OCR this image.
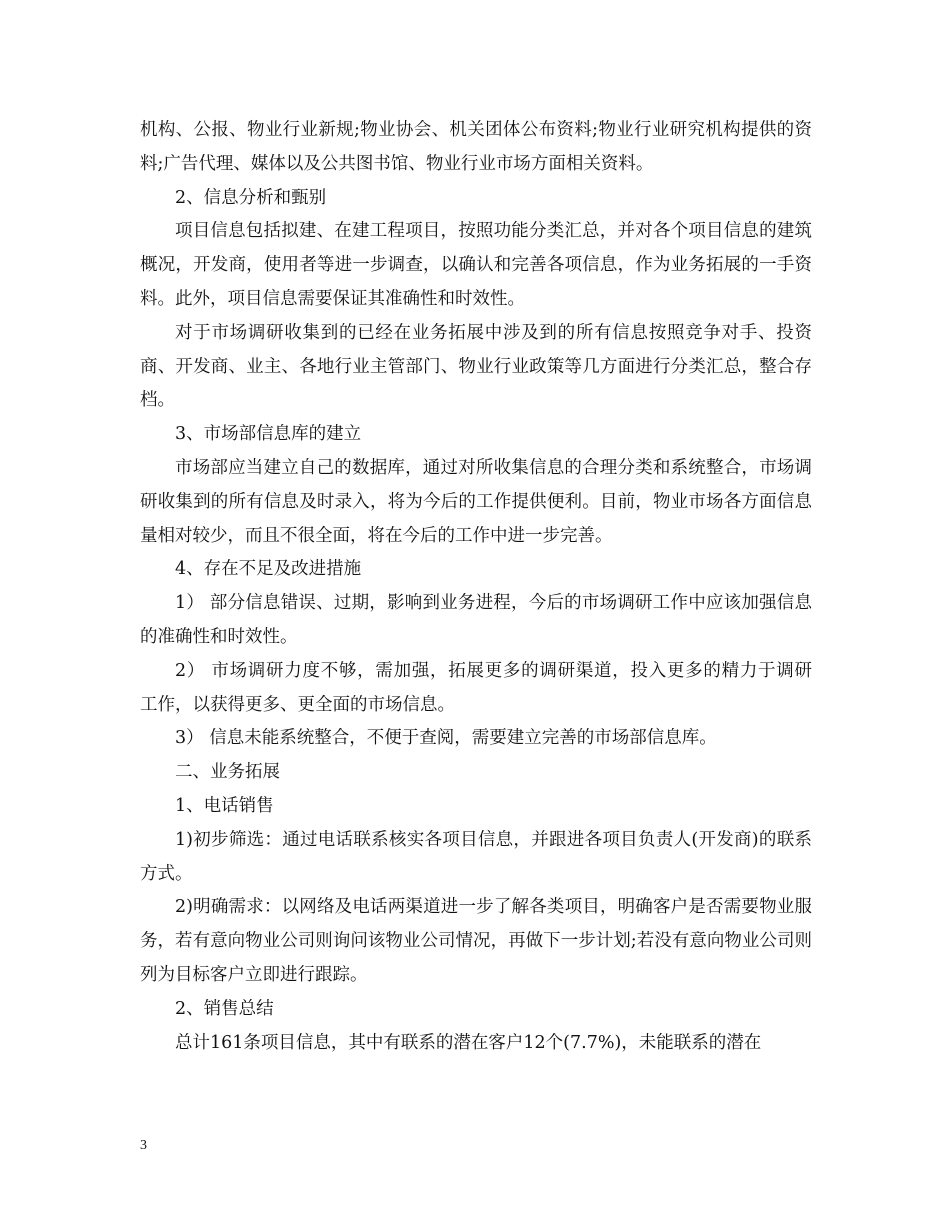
机构、公报、物业行业新规;物业协会、机关团体公布资料;物业行业研究机构提供的资料;广告代理、媒体以及公共图书馆、物业行业市场方面相关资料。

2、信息分析和甄别

项目信息包括拟建、在建工程项目，按照功能分类汇总，并对各个项目信息的建筑概况，开发商，使用者等进一步调查，以确认和完善各项信息，作为业务拓展的一手资料。此外，项目信息需要保证其准确性和时效性。

对于市场调研收集到的已经在业务拓展中涉及到的所有信息按照竞争对手、投资商、开发商、业主、各地行业主管部门、物业行业政策等几方面进行分类汇总，整合存档。

3、市场部信息库的建立

市场部应当建立自己的数据库，通过对所收集信息的合理分类和系统整合，市场调研收集到的所有信息及时录入，将为今后的工作提供便利。目前，物业市场各方面信息量相对较少，而且不很全面，将在今后的工作中进一步完善。

4、存在不足及改进措施

1） 部分信息错误、过期，影响到业务进程，今后的市场调研工作中应该加强信息的准确性和时效性。

2） 市场调研力度不够，需加强，拓展更多的调研渠道，投入更多的精力于调研  工作，以获得更多、更全面的市场信息。

3） 信息未能系统整合，不便于查阅，需要建立完善的市场部信息库。

二、业务拓展

1、电话销售

1)初步筛选：通过电话联系核实各项目信息，并跟进各项目负责人(开发商)的联系方式。

2)明确需求：以网络及电话两渠道进一步了解各类项目，明确客户是否需要物业服务，若有意向物业公司则询问该物业公司情况，再做下一步计划;若没有意向物业公司则列为目标客户立即进行跟踪。

2、销售总结

总计161条项目信息，其中有联系的潜在客户12个(7.7%)，未能联系的潜在

3
